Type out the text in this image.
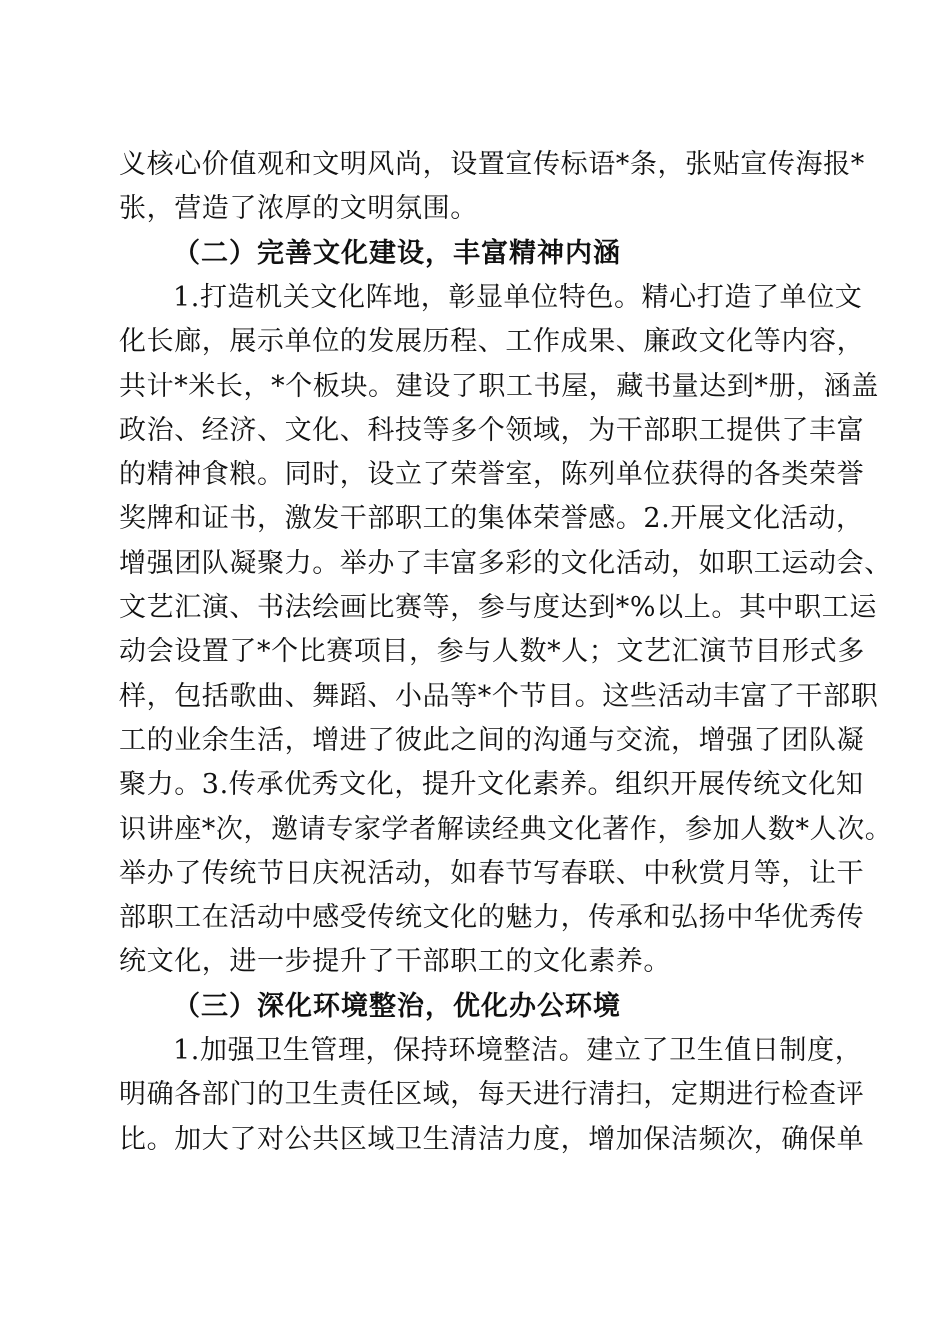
义核心价值观和文明风尚，设置宣传标语*条，张贴宣传海报*
张，营造了浓厚的文明氛围。
（二）完善文化建设，丰富精神内涵
1.打造机关文化阵地，彰显单位特色。精心打造了单位文
化长廊，展示单位的发展历程、工作成果、廉政文化等内容，
共计*米长，*个板块。建设了职工书屋，藏书量达到*册，涵盖
政治、经济、文化、科技等多个领域，为干部职工提供了丰富
的精神食粮。同时，设立了荣誉室，陈列单位获得的各类荣誉
奖牌和证书，激发干部职工的集体荣誉感。2.开展文化活动，
增强团队凝聚力。举办了丰富多彩的文化活动，如职工运动会、
文艺汇演、书法绘画比赛等，参与度达到*%以上。其中职工运
动会设置了*个比赛项目，参与人数*人；文艺汇演节目形式多
样，包括歌曲、舞蹈、小品等*个节目。这些活动丰富了干部职
工的业余生活，增进了彼此之间的沟通与交流，增强了团队凝
聚力。3.传承优秀文化，提升文化素养。组织开展传统文化知
识讲座*次，邀请专家学者解读经典文化著作，参加人数*人次。
举办了传统节日庆祝活动，如春节写春联、中秋赏月等，让干
部职工在活动中感受传统文化的魅力，传承和弘扬中华优秀传
统文化，进一步提升了干部职工的文化素养。
（三）深化环境整治，优化办公环境
1.加强卫生管理，保持环境整洁。建立了卫生值日制度，
明确各部门的卫生责任区域，每天进行清扫，定期进行检查评
比。加大了对公共区域卫生清洁力度，增加保洁频次，确保单
